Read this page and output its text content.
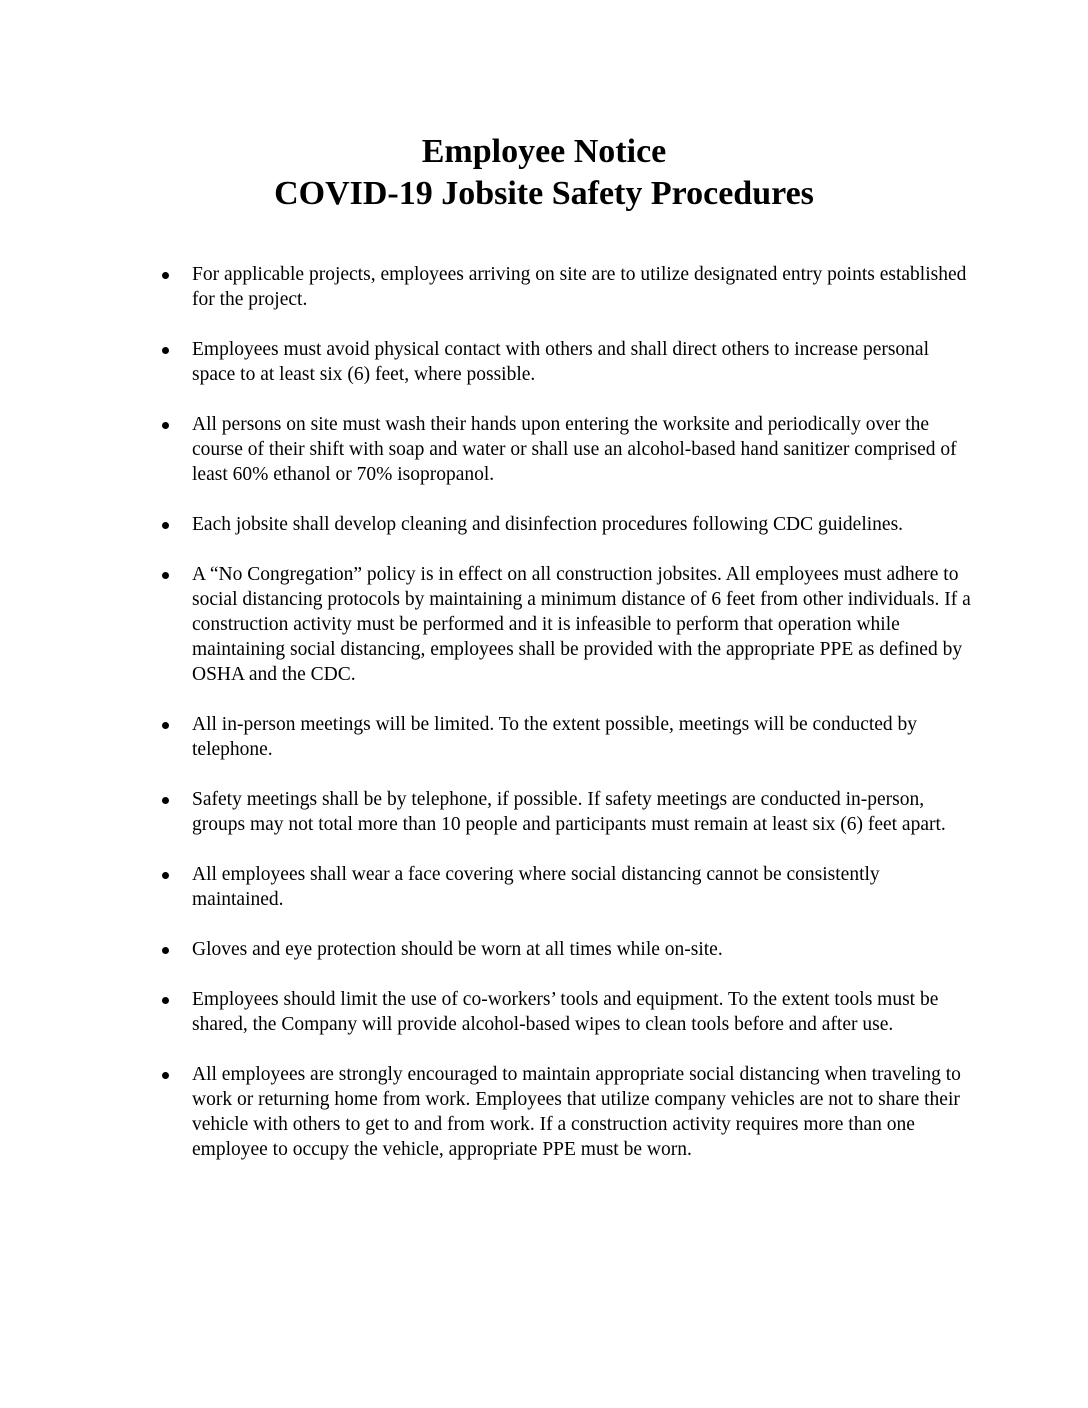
Employee Notice
COVID-19 Jobsite Safety Procedures
For applicable projects, employees arriving on site are to utilize designated entry points established for the project.
Employees must avoid physical contact with others and shall direct others to increase personal space to at least six (6) feet, where possible.
All persons on site must wash their hands upon entering the worksite and periodically over the course of their shift with soap and water or shall use an alcohol-based hand sanitizer comprised of least 60% ethanol or 70% isopropanol.
Each jobsite shall develop cleaning and disinfection procedures following CDC guidelines.
A “No Congregation” policy is in effect on all construction jobsites. All employees must adhere to social distancing protocols by maintaining a minimum distance of 6 feet from other individuals. If a construction activity must be performed and it is infeasible to perform that operation while maintaining social distancing, employees shall be provided with the appropriate PPE as defined by OSHA and the CDC.
All in-person meetings will be limited. To the extent possible, meetings will be conducted by telephone.
Safety meetings shall be by telephone, if possible. If safety meetings are conducted in-person, groups may not total more than 10 people and participants must remain at least six (6) feet apart.
All employees shall wear a face covering where social distancing cannot be consistently maintained.
Gloves and eye protection should be worn at all times while on-site.
Employees should limit the use of co-workers’ tools and equipment. To the extent tools must be shared, the Company will provide alcohol-based wipes to clean tools before and after use.
All employees are strongly encouraged to maintain appropriate social distancing when traveling to work or returning home from work. Employees that utilize company vehicles are not to share their vehicle with others to get to and from work. If a construction activity requires more than one employee to occupy the vehicle, appropriate PPE must be worn.
